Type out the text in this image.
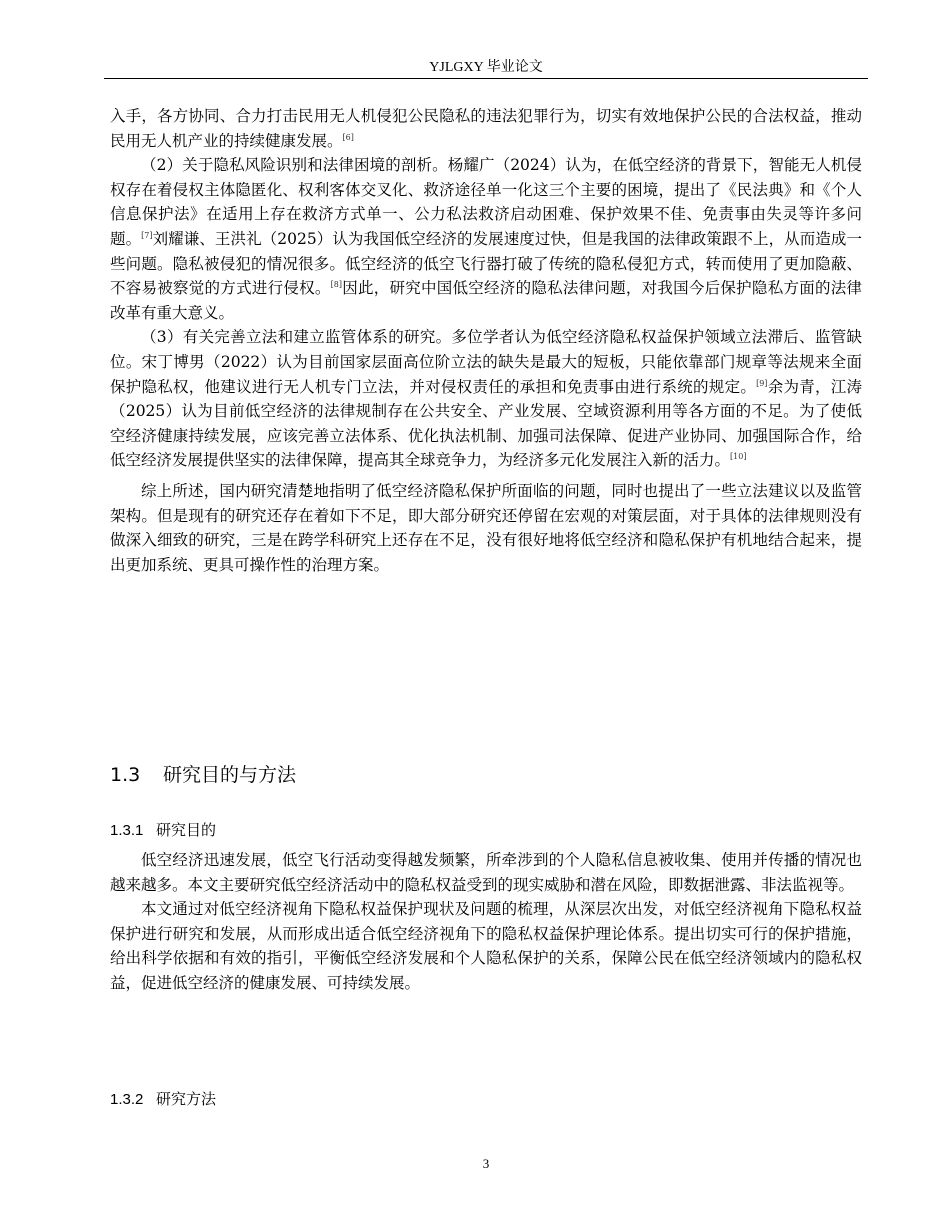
YJLGXY 毕业论文

入手，各方协同、合力打击民用无人机侵犯公民隐私的违法犯罪行为，切实有效地保护公民的合法权益，推动民用无人机产业的持续健康发展。[6]

（2）关于隐私风险识别和法律困境的剖析。杨耀广（2024）认为，在低空经济的背景下，智能无人机侵权存在着侵权主体隐匿化、权利客体交叉化、救济途径单一化这三个主要的困境，提出了《民法典》和《个人信息保护法》在适用上存在救济方式单一、公力私法救济启动困难、保护效果不佳、免责事由失灵等许多问题。[7]刘耀谦、王洪礼（2025）认为我国低空经济的发展速度过快，但是我国的法律政策跟不上，从而造成一些问题。隐私被侵犯的情况很多。低空经济的低空飞行器打破了传统的隐私侵犯方式，转而使用了更加隐蔽、不容易被察觉的方式进行侵权。[8]因此，研究中国低空经济的隐私法律问题，对我国今后保护隐私方面的法律改革有重大意义。

（3）有关完善立法和建立监管体系的研究。多位学者认为低空经济隐私权益保护领域立法滞后、监管缺位。宋丁博男（2022）认为目前国家层面高位阶立法的缺失是最大的短板，只能依靠部门规章等法规来全面保护隐私权，他建议进行无人机专门立法，并对侵权责任的承担和免责事由进行系统的规定。[9]余为青，江涛（2025）认为目前低空经济的法律规制存在公共安全、产业发展、空域资源利用等各方面的不足。为了使低空经济健康持续发展，应该完善立法体系、优化执法机制、加强司法保障、促进产业协同、加强国际合作，给低空经济发展提供坚实的法律保障，提高其全球竞争力，为经济多元化发展注入新的活力。[10]

综上所述，国内研究清楚地指明了低空经济隐私保护所面临的问题，同时也提出了一些立法建议以及监管架构。但是现有的研究还存在着如下不足，即大部分研究还停留在宏观的对策层面，对于具体的法律规则没有做深入细致的研究，三是在跨学科研究上还存在不足，没有很好地将低空经济和隐私保护有机地结合起来，提出更加系统、更具可操作性的治理方案。

1.3 研究目的与方法
1.3.1 研究目的

低空经济迅速发展，低空飞行活动变得越发频繁，所牵涉到的个人隐私信息被收集、使用并传播的情况也越来越多。本文主要研究低空经济活动中的隐私权益受到的现实威胁和潜在风险，即数据泄露、非法监视等。

本文通过对低空经济视角下隐私权益保护现状及问题的梳理，从深层次出发，对低空经济视角下隐私权益保护进行研究和发展，从而形成出适合低空经济视角下的隐私权益保护理论体系。提出切实可行的保护措施，给出科学依据和有效的指引，平衡低空经济发展和个人隐私保护的关系，保障公民在低空经济领域内的隐私权益，促进低空经济的健康发展、可持续发展。

1.3.2 研究方法
3
